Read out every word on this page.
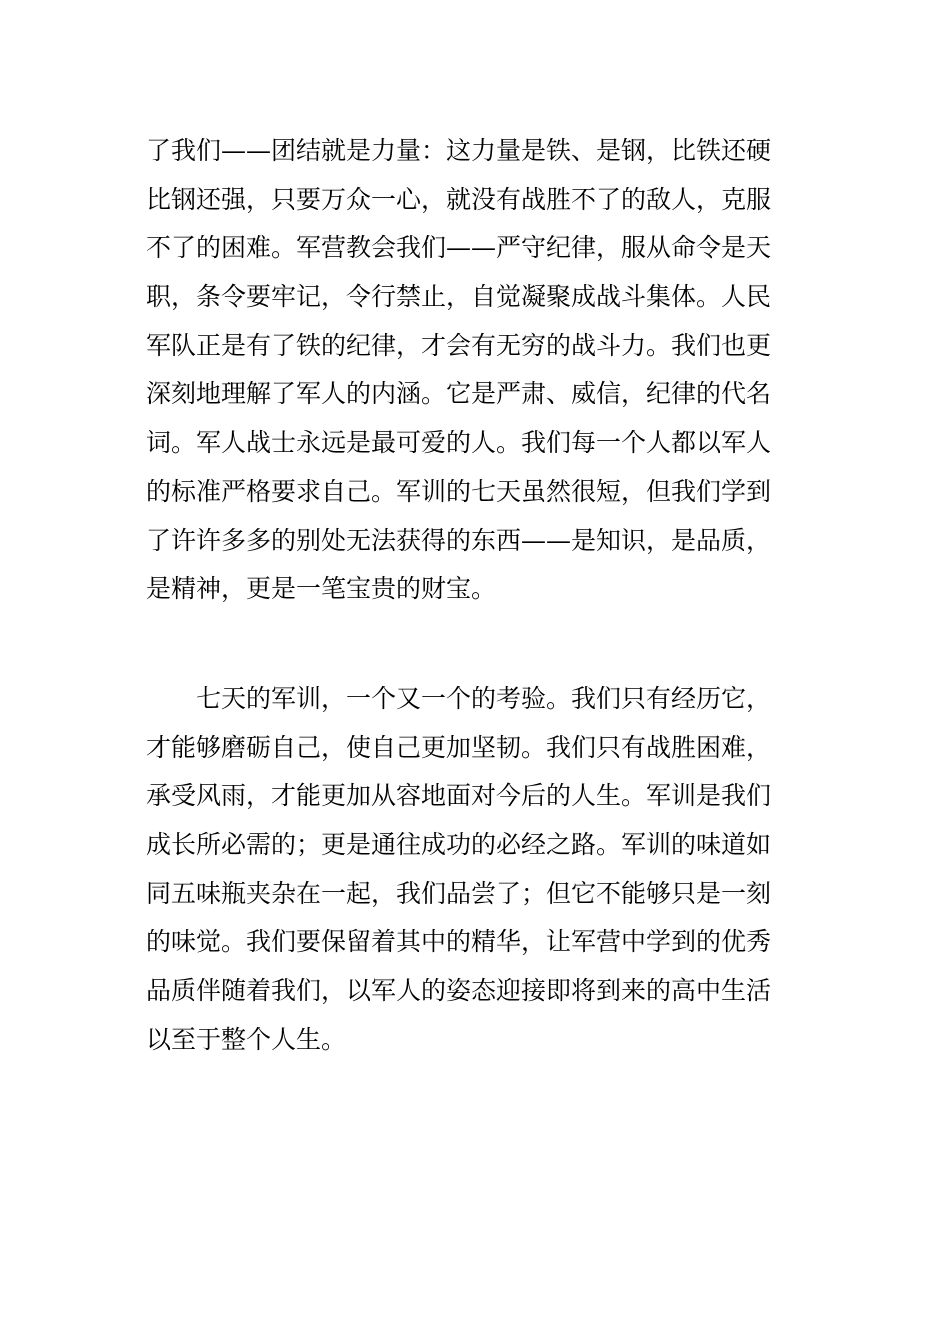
了我们——团结就是力量：这力量是铁、是钢，比铁还硬
比钢还强，只要万众一心，就没有战胜不了的敌人，克服
不了的困难。军营教会我们——严守纪律，服从命令是天
职，条令要牢记，令行禁止，自觉凝聚成战斗集体。人民
军队正是有了铁的纪律，才会有无穷的战斗力。我们也更
深刻地理解了军人的内涵。它是严肃、威信，纪律的代名
词。军人战士永远是最可爱的人。我们每一个人都以军人
的标准严格要求自己。军训的七天虽然很短，但我们学到
了许许多多的别处无法获得的东西——是知识，是品质，
是精神，更是一笔宝贵的财宝。

　　七天的军训，一个又一个的考验。我们只有经历它，
才能够磨砺自己，使自己更加坚韧。我们只有战胜困难，
承受风雨，才能更加从容地面对今后的人生。军训是我们
成长所必需的；更是通往成功的必经之路。军训的味道如
同五味瓶夹杂在一起，我们品尝了；但它不能够只是一刻
的味觉。我们要保留着其中的精华，让军营中学到的优秀
品质伴随着我们，以军人的姿态迎接即将到来的高中生活
以至于整个人生。
